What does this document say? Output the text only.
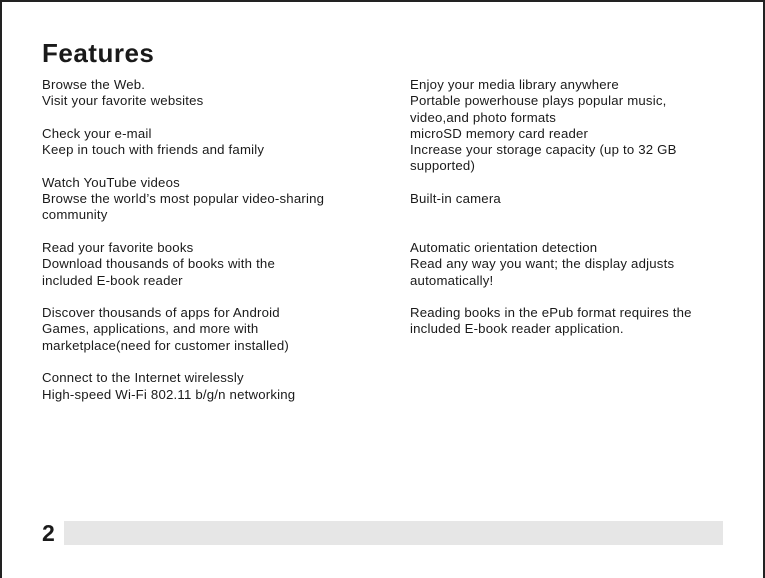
Features
Browse the Web.
Visit your favorite websites
Check your e-mail
Keep in touch with friends and family
Watch YouTube videos
Browse the world’s most popular video-sharing
community
Read your favorite books
Download thousands of books with the
included E-book reader
Discover thousands of apps for Android
Games, applications, and more with
marketplace(need for customer installed)
Connect to the Internet wirelessly
High-speed Wi-Fi 802.11 b/g/n networking
Enjoy your media library anywhere
Portable powerhouse plays popular music,
video,and photo formats
microSD memory card reader
Increase your storage capacity (up to 32 GB
supported)
Built-in camera

Automatic orientation detection
Read any way you want; the display adjusts
automatically!
Reading books in the ePub format requires the
included E-book reader application.
2
